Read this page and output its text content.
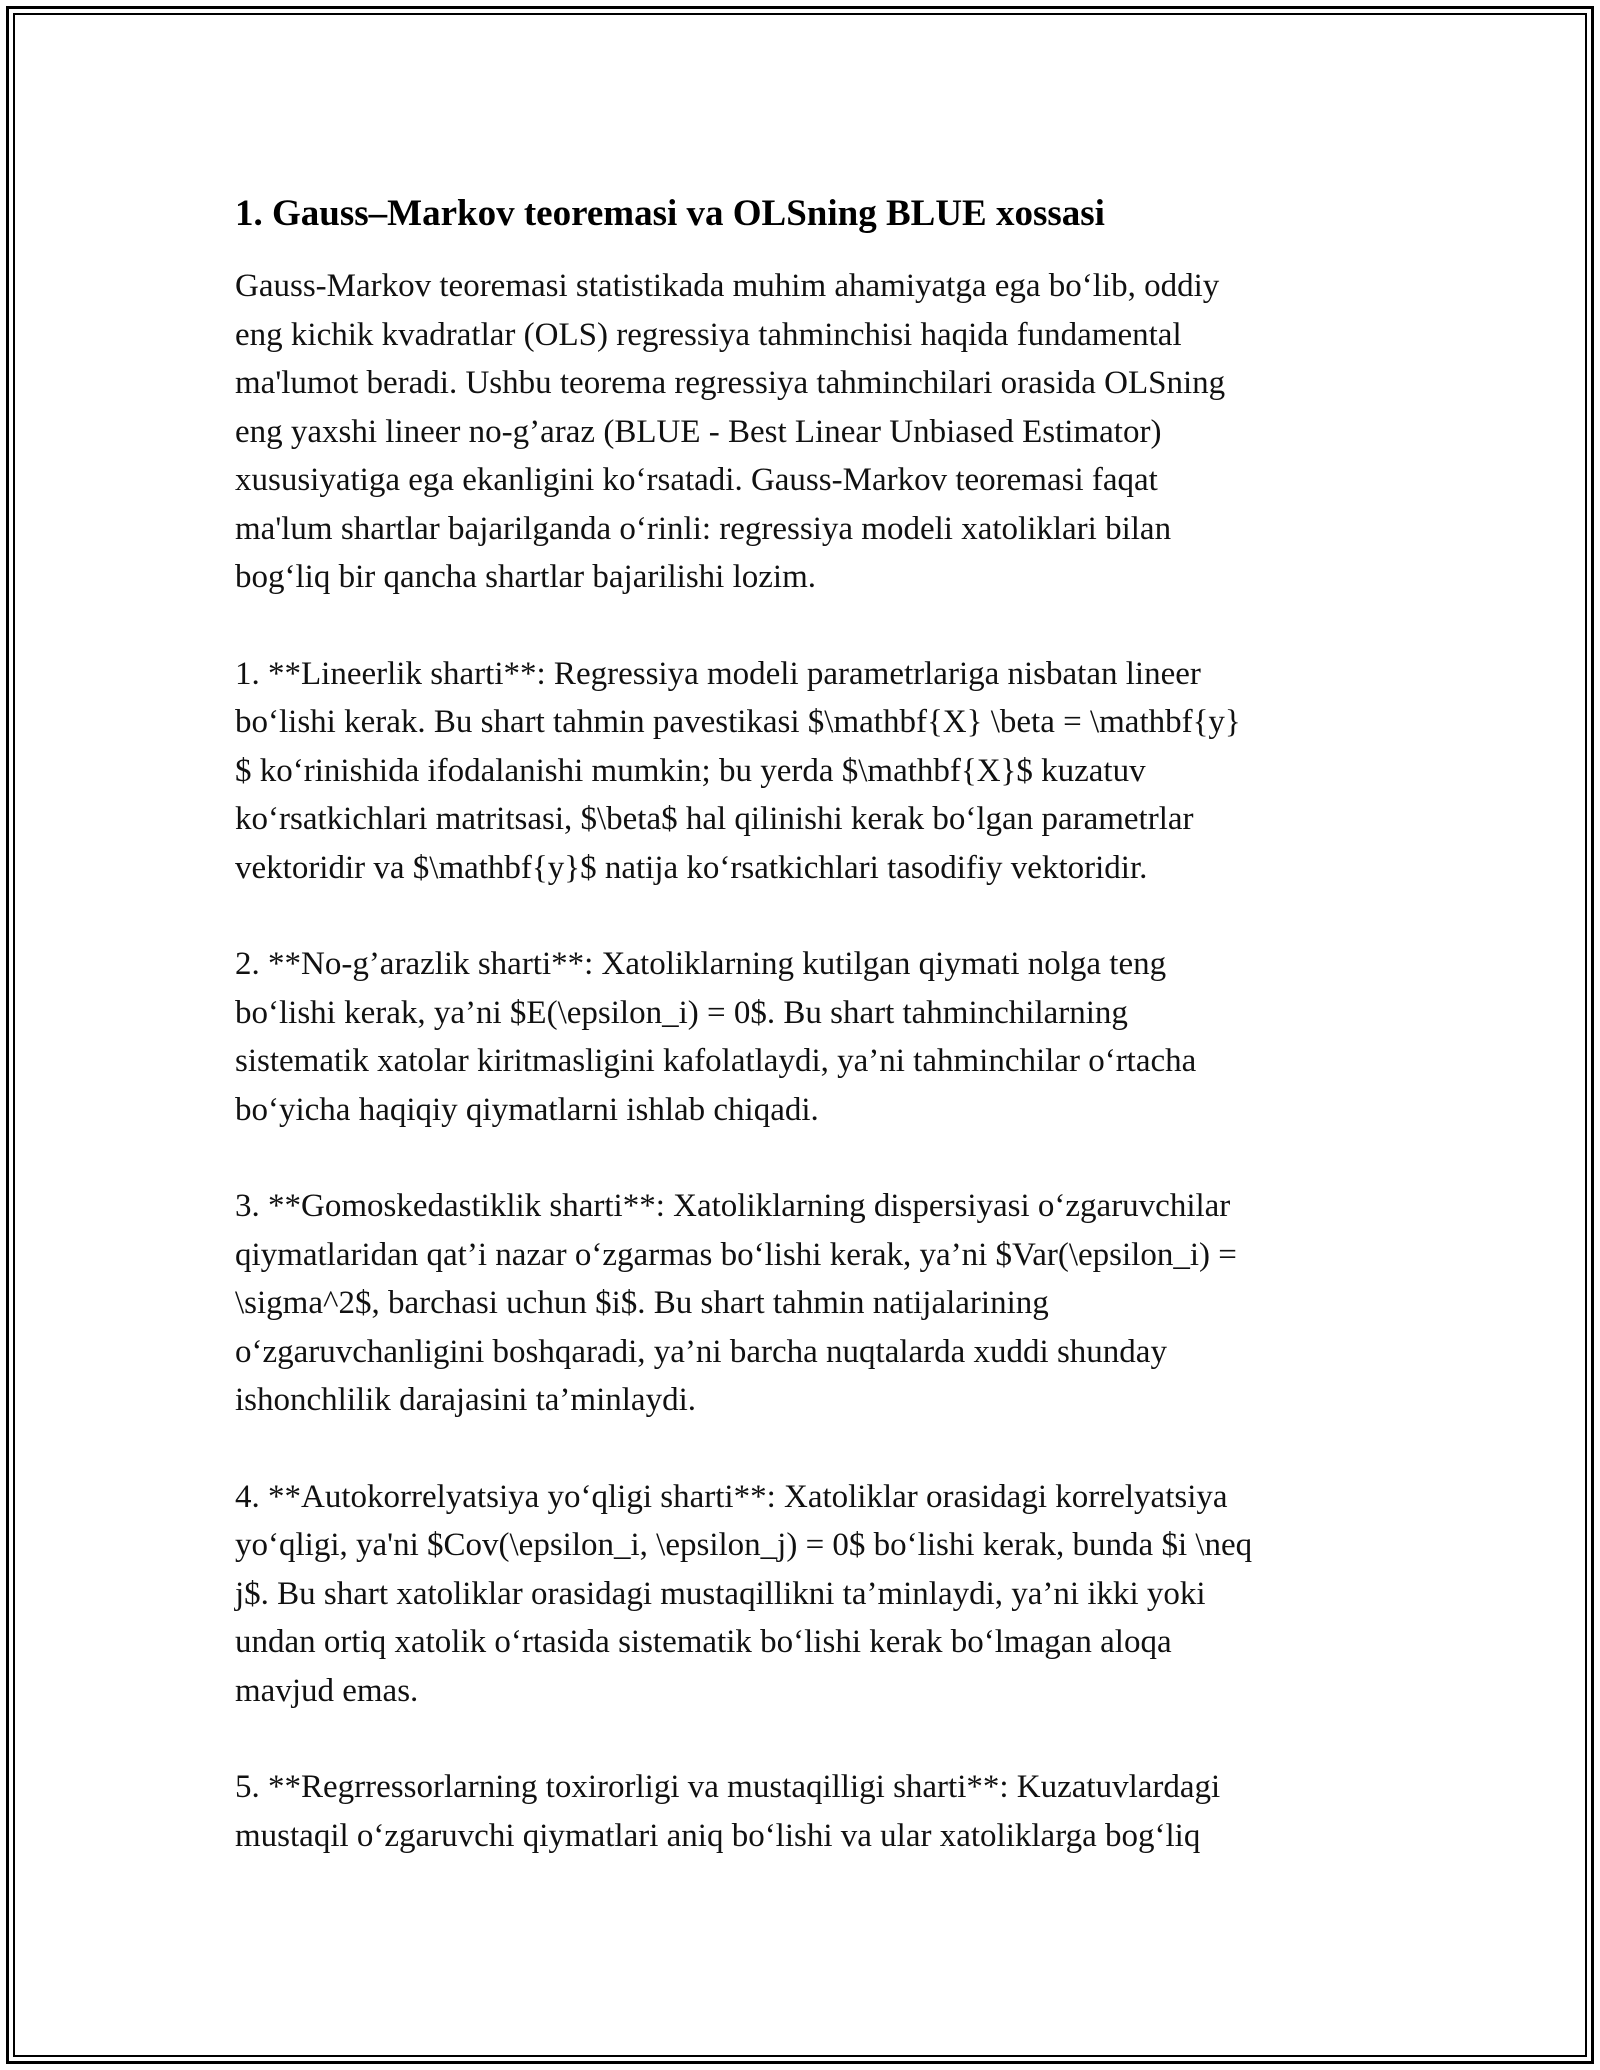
1. Gauss–Markov teoremasi va OLSning BLUE xossasi

Gauss-Markov teoremasi statistikada muhim ahamiyatga ega bo‘lib, oddiy
eng kichik kvadratlar (OLS) regressiya tahminchisi haqida fundamental
ma'lumot beradi. Ushbu teorema regressiya tahminchilari orasida OLSning
eng yaxshi lineer no-g’araz (BLUE - Best Linear Unbiased Estimator)
xususiyatiga ega ekanligini ko‘rsatadi. Gauss-Markov teoremasi faqat
ma'lum shartlar bajarilganda o‘rinli: regressiya modeli xatoliklari bilan
bog‘liq bir qancha shartlar bajarilishi lozim.

1. **Lineerlik sharti**: Regressiya modeli parametrlariga nisbatan lineer
bo‘lishi kerak. Bu shart tahmin pavestikasi $\mathbf{X} \beta = \mathbf{y}
$ ko‘rinishida ifodalanishi mumkin; bu yerda $\mathbf{X}$ kuzatuv
ko‘rsatkichlari matritsasi, $\beta$ hal qilinishi kerak bo‘lgan parametrlar
vektoridir va $\mathbf{y}$ natija ko‘rsatkichlari tasodifiy vektoridir.

2. **No-g’arazlik sharti**: Xatoliklarning kutilgan qiymati nolga teng
bo‘lishi kerak, ya’ni $E(\epsilon_i) = 0$. Bu shart tahminchilarning
sistematik xatolar kiritmasligini kafolatlaydi, ya’ni tahminchilar o‘rtacha
bo‘yicha haqiqiy qiymatlarni ishlab chiqadi.

3. **Gomoskedastiklik sharti**: Xatoliklarning dispersiyasi o‘zgaruvchilar
qiymatlaridan qat’i nazar o‘zgarmas bo‘lishi kerak, ya’ni $Var(\epsilon_i) =
\sigma^2$, barchasi uchun $i$. Bu shart tahmin natijalarining
o‘zgaruvchanligini boshqaradi, ya’ni barcha nuqtalarda xuddi shunday
ishonchlilik darajasini ta’minlaydi.

4. **Autokorrelyatsiya yo‘qligi sharti**: Xatoliklar orasidagi korrelyatsiya
yo‘qligi, ya'ni $Cov(\epsilon_i, \epsilon_j) = 0$ bo‘lishi kerak, bunda $i \neq
j$. Bu shart xatoliklar orasidagi mustaqillikni ta’minlaydi, ya’ni ikki yoki
undan ortiq xatolik o‘rtasida sistematik bo‘lishi kerak bo‘lmagan aloqa
mavjud emas.

5. **Regrressorlarning toxirorligi va mustaqilligi sharti**: Kuzatuvlardagi
mustaqil o‘zgaruvchi qiymatlari aniq bo‘lishi va ular xatoliklarga bog‘liq
